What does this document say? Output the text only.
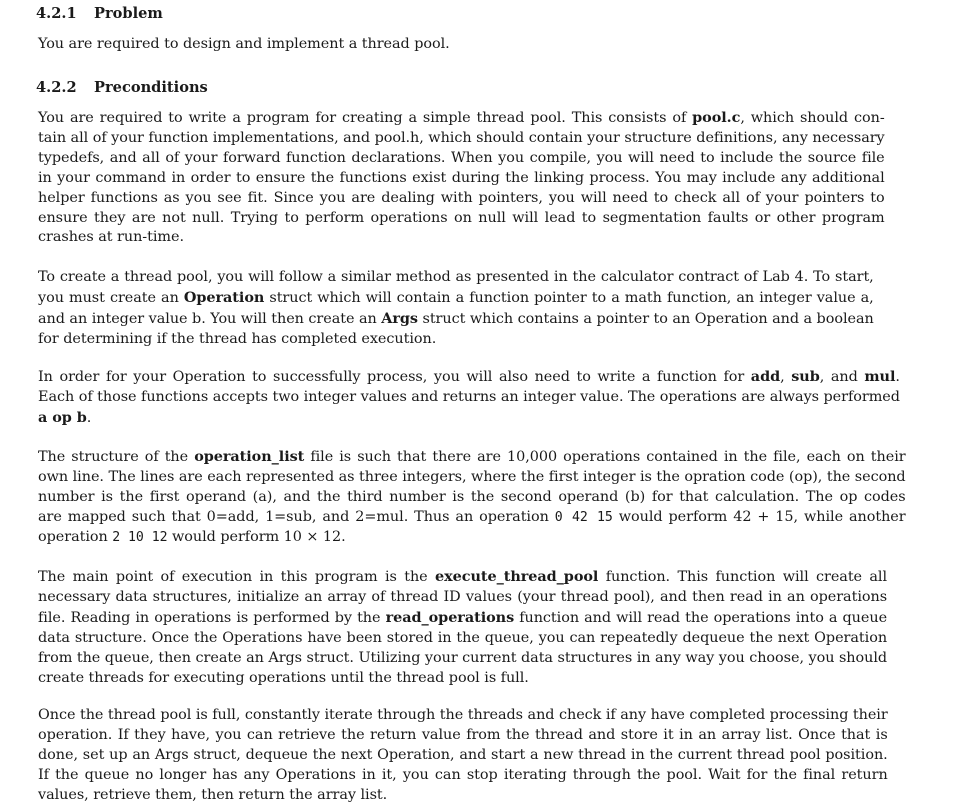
4.2.1 Problem
You are required to design and implement a thread pool.
4.2.2 Preconditions
You are required to write a program for creating a simple thread pool. This consists of pool.c, which should con-
tain all of your function implementations, and pool.h, which should contain your structure definitions, any necessary
typedefs, and all of your forward function declarations. When you compile, you will need to include the source file
in your command in order to ensure the functions exist during the linking process. You may include any additional
helper functions as you see fit. Since you are dealing with pointers, you will need to check all of your pointers to
ensure they are not null. Trying to perform operations on null will lead to segmentation faults or other program
crashes at run-time.
To create a thread pool, you will follow a similar method as presented in the calculator contract of Lab 4. To start,
you must create an Operation struct which will contain a function pointer to a math function, an integer value a,
and an integer value b. You will then create an Args struct which contains a pointer to an Operation and a boolean
for determining if the thread has completed execution.
In order for your Operation to successfully process, you will also need to write a function for add, sub, and mul.
Each of those functions accepts two integer values and returns an integer value. The operations are always performed
a op b.
The structure of the operation_list file is such that there are 10,000 operations contained in the file, each on their
own line. The lines are each represented as three integers, where the first integer is the opration code (op), the second
number is the first operand (a), and the third number is the second operand (b) for that calculation. The op codes
are mapped such that 0=add, 1=sub, and 2=mul. Thus an operation 0 42 15 would perform 42 + 15, while another
operation 2 10 12 would perform 10 × 12.
The main point of execution in this program is the execute_thread_pool function. This function will create all
necessary data structures, initialize an array of thread ID values (your thread pool), and then read in an operations
file. Reading in operations is performed by the read_operations function and will read the operations into a queue
data structure. Once the Operations have been stored in the queue, you can repeatedly dequeue the next Operation
from the queue, then create an Args struct. Utilizing your current data structures in any way you choose, you should
create threads for executing operations until the thread pool is full.
Once the thread pool is full, constantly iterate through the threads and check if any have completed processing their
operation. If they have, you can retrieve the return value from the thread and store it in an array list. Once that is
done, set up an Args struct, dequeue the next Operation, and start a new thread in the current thread pool position.
If the queue no longer has any Operations in it, you can stop iterating through the pool. Wait for the final return
values, retrieve them, then return the array list.
